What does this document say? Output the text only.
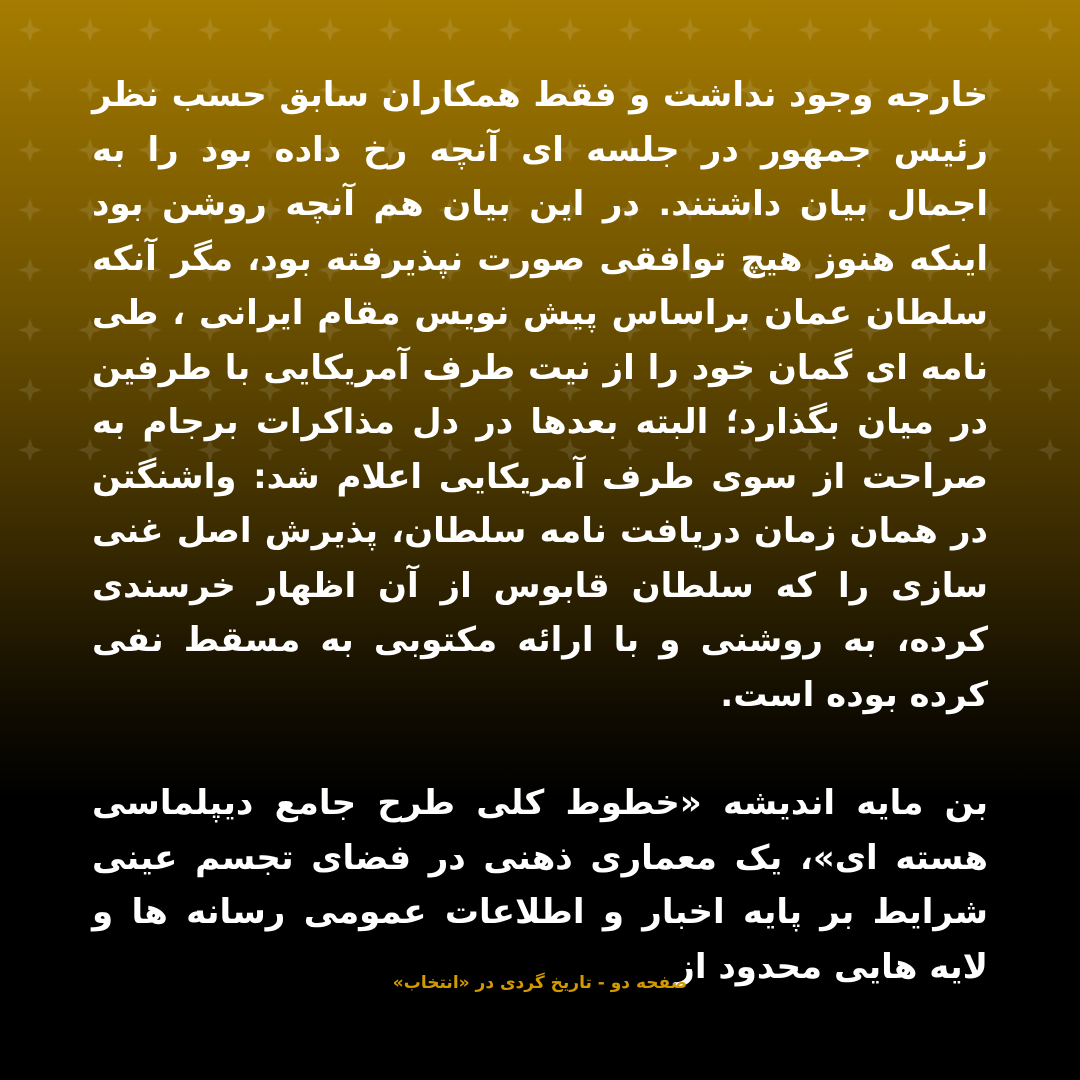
خارجه وجود نداشت و فقط همکاران سابق حسب نظر رئیس جمهور در جلسه ای آنچه رخ داده بود را به اجمال بیان داشتند. در این بیان هم آنچه روشن بود اینکه هنوز هیچ توافقی صورت نپذیرفته بود، مگر آنکه سلطان عمان براساس پیش نویس مقام ایرانی ، طی نامه ای گمان خود را از نیت طرف آمریکایی با طرفین در میان بگذارد؛ البته بعدها در دل مذاکرات برجام به صراحت از سوی طرف آمریکایی اعلام شد: واشنگتن در همان زمان دریافت نامه سلطان، پذیرش اصل غنی سازی را که سلطان قابوس از آن اظهار خرسندی کرده، به روشنی و با ارائه مکتوبی به مسقط نفی کرده بوده است.

بن مایه اندیشه «خطوط کلی طرح جامع دیپلماسی هسته ای»، یک معماری ذهنی در فضای تجسم عینی شرایط بر پایه اخبار و اطلاعات عمومی رسانه ها و لایه هایی محدود از

صفحه دو - تاریخ گردی در «انتخاب»
